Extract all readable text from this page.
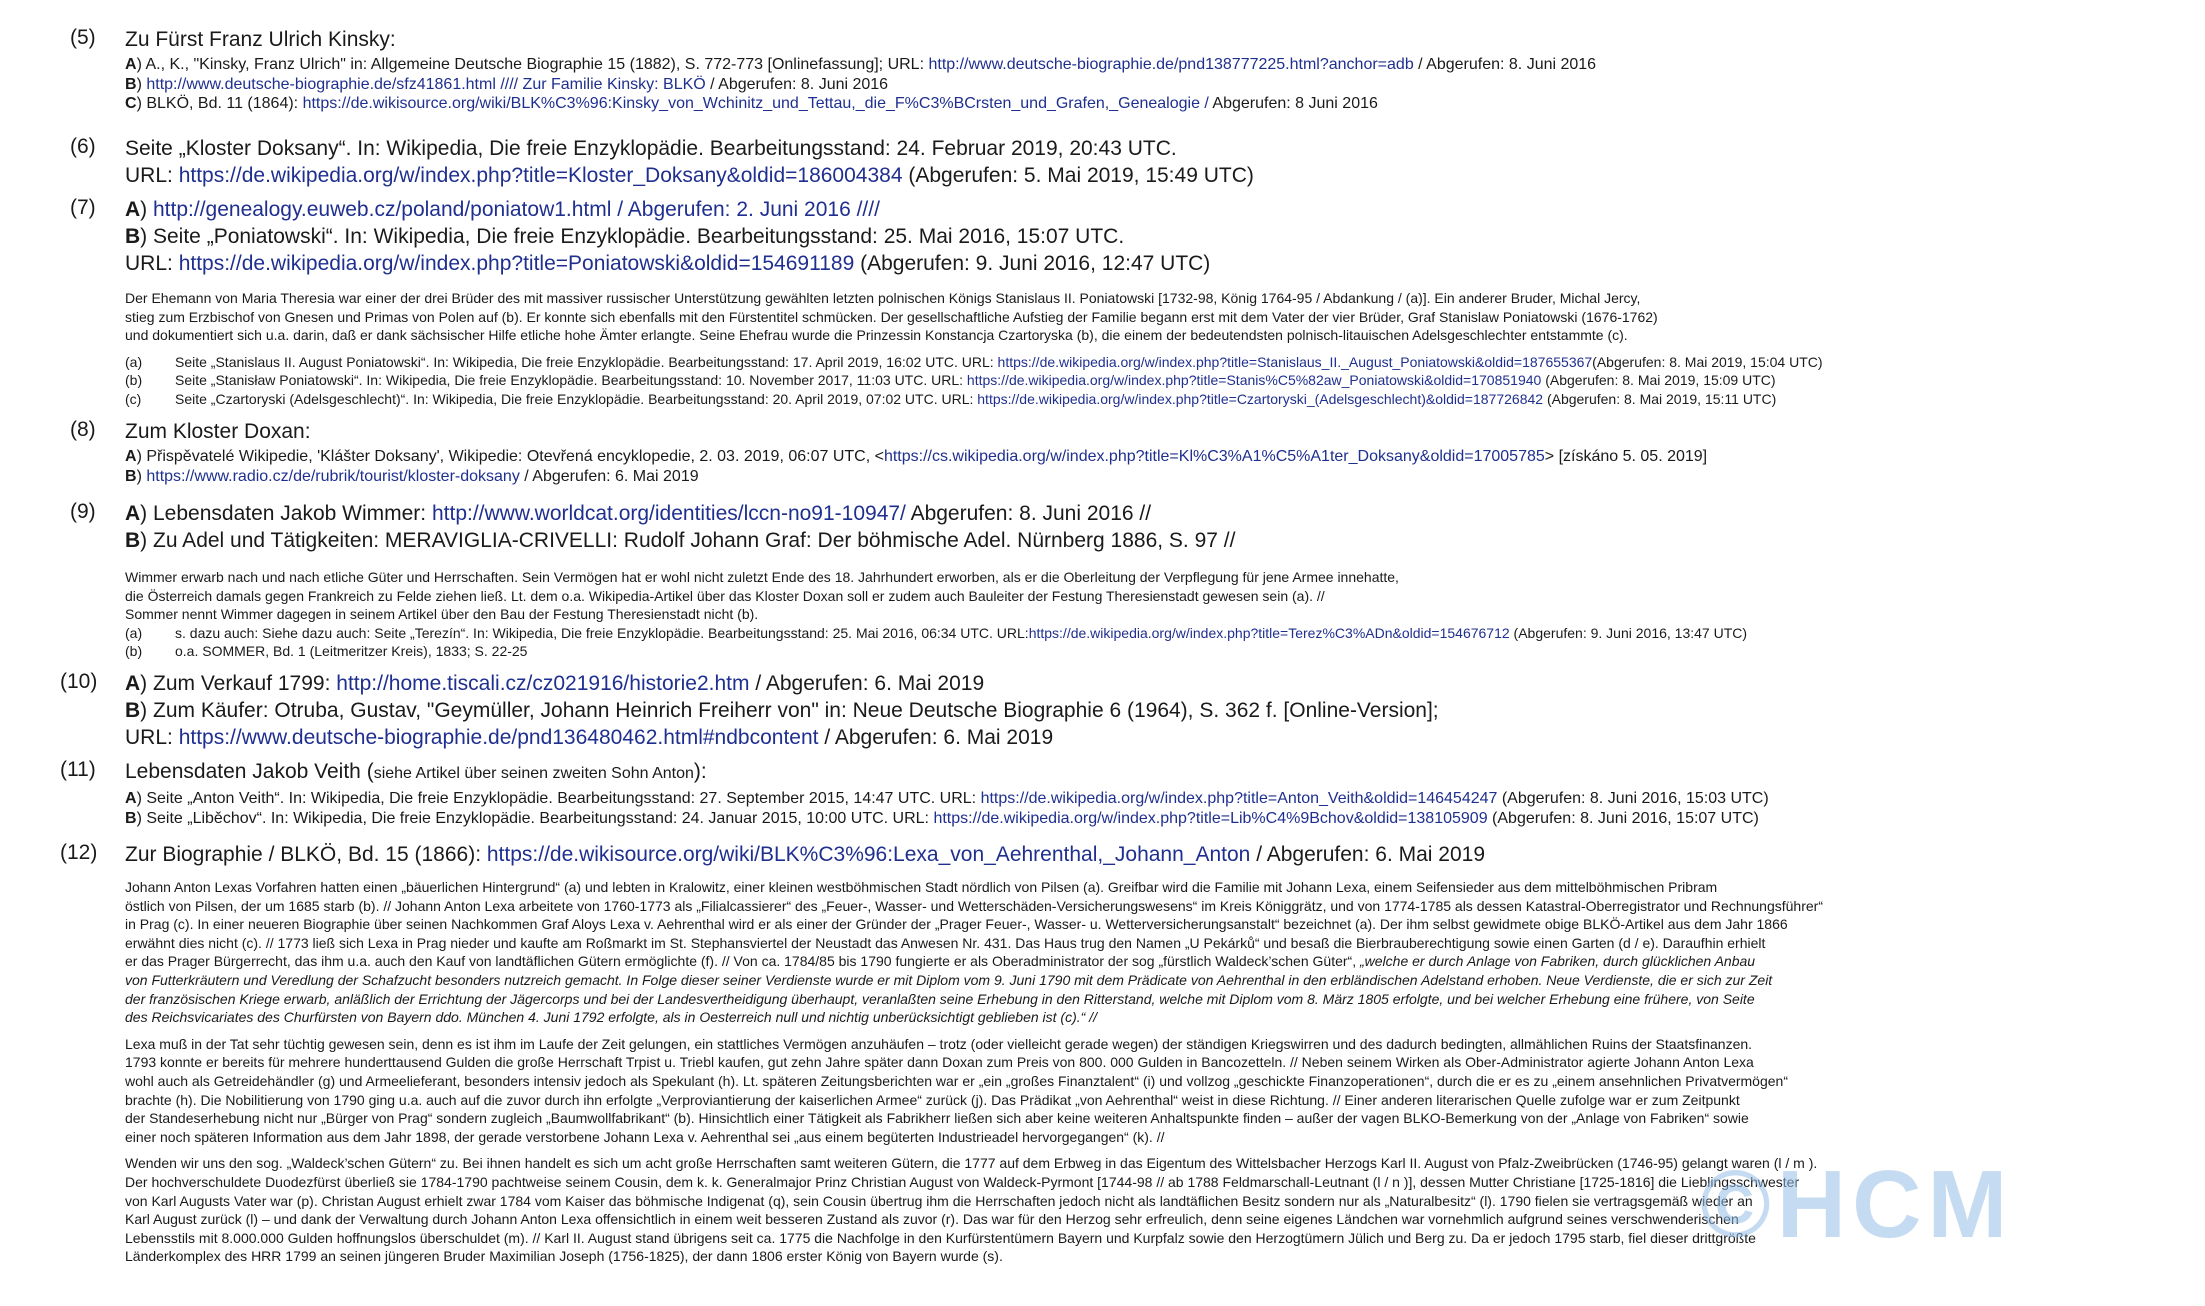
(5) Zu Fürst Franz Ulrich Kinsky:
A) A., K., "Kinsky, Franz Ulrich" in: Allgemeine Deutsche Biographie 15 (1882), S. 772-773 [Onlinefassung]; URL: http://www.deutsche-biographie.de/pnd138777225.html?anchor=adb / Abgerufen: 8. Juni 2016
B) http://www.deutsche-biographie.de/sfz41861.html //// Zur Familie Kinsky: BLKÖ / Abgerufen: 8. Juni 2016
C) BLKÖ, Bd. 11 (1864): https://de.wikisource.org/wiki/BLK%C3%96:Kinsky_von_Wchinitz_und_Tettau,_die_F%C3%BCrsten_und_Grafen,_Genealogie / Abgerufen: 8 Juni 2016
(6) Seite „Kloster Doksany“. In: Wikipedia, Die freie Enzyklopädie. Bearbeitungsstand: 24. Februar 2019, 20:43 UTC.
URL: https://de.wikipedia.org/w/index.php?title=Kloster_Doksany&oldid=186004384 (Abgerufen: 5. Mai 2019, 15:49 UTC)
(7) A) http://genealogy.euweb.cz/poland/poniatow1.html / Abgerufen: 2. Juni 2016 ////
B) Seite „Poniatowski“. In: Wikipedia, Die freie Enzyklopädie. Bearbeitungsstand: 25. Mai 2016, 15:07 UTC.
URL: https://de.wikipedia.org/w/index.php?title=Poniatowski&oldid=154691189 (Abgerufen: 9. Juni 2016, 12:47 UTC)
Der Ehemann von Maria Theresia war einer der drei Brüder des mit massiver russischer Unterstützung gewählten letzten polnischen Königs Stanislaus II. Poniatowski [1732-98, König 1764-95 / Abdankung / (a)]. Ein anderer Bruder, Michal Jercy,
stieg zum Erzbischof von Gnesen und Primas von Polen auf (b). Er konnte sich ebenfalls mit den Fürstentitel schmücken. Der gesellschaftliche Aufstieg der Familie begann erst mit dem Vater der vier Brüder, Graf Stanislaw Poniatowski (1676-1762)
und dokumentiert sich u.a. darin, daß er dank sächsischer Hilfe etliche hohe Ämter erlangte. Seine Ehefrau wurde die Prinzessin Konstancja Czartoryska (b), die einem der bedeutendsten polnisch-litauischen Adelsgeschlechter entstammte (c).
(a) Seite „Stanislaus II. August Poniatowski“. In: Wikipedia, Die freie Enzyklopädie. Bearbeitungsstand: 17. April 2019, 16:02 UTC. URL: https://de.wikipedia.org/w/index.php?title=Stanislaus_II._August_Poniatowski&oldid=187655367(Abgerufen: 8. Mai 2019, 15:04 UTC)
(b) Seite „Stanisław Poniatowski“. In: Wikipedia, Die freie Enzyklopädie. Bearbeitungsstand: 10. November 2017, 11:03 UTC. URL: https://de.wikipedia.org/w/index.php?title=Stanis%C5%82aw_Poniatowski&oldid=170851940 (Abgerufen: 8. Mai 2019, 15:09 UTC)
(c) Seite „Czartoryski (Adelsgeschlecht)“. In: Wikipedia, Die freie Enzyklopädie. Bearbeitungsstand: 20. April 2019, 07:02 UTC. URL: https://de.wikipedia.org/w/index.php?title=Czartoryski_(Adelsgeschlecht)&oldid=187726842 (Abgerufen: 8. Mai 2019, 15:11 UTC)
(8) Zum Kloster Doxan:
A) Přispěvatelé Wikipedie, 'Klášter Doksany', Wikipedie: Otevřená encyklopedie, 2. 03. 2019, 06:07 UTC, <https://cs.wikipedia.org/w/index.php?title=Kl%C3%A1%C5%A1ter_Doksany&oldid=17005785> [získáno 5. 05. 2019]
B) https://www.radio.cz/de/rubrik/tourist/kloster-doksany / Abgerufen: 6. Mai 2019
(9) A) Lebensdaten Jakob Wimmer: http://www.worldcat.org/identities/lccn-no91-10947/ Abgerufen: 8. Juni 2016 //
B) Zu Adel und Tätigkeiten: MERAVIGLIA-CRIVELLI: Rudolf Johann Graf: Der böhmische Adel. Nürnberg 1886, S. 97 //
Wimmer erwarb nach und nach etliche Güter und Herrschaften. Sein Vermögen hat er wohl nicht zuletzt Ende des 18. Jahrhundert erworben, als er die Oberleitung der Verpflegung für jene Armee innehatte,
die Österreich damals gegen Frankreich zu Felde ziehen ließ. Lt. dem o.a. Wikipedia-Artikel über das Kloster Doxan soll er zudem auch Bauleiter der Festung Theresienstadt gewesen sein (a). //
Sommer nennt Wimmer dagegen in seinem Artikel über den Bau der Festung Theresienstadt nicht (b).
(a) s. dazu auch: Siehe dazu auch: Seite „Terezín“. In: Wikipedia, Die freie Enzyklopädie. Bearbeitungsstand: 25. Mai 2016, 06:34 UTC. URL:https://de.wikipedia.org/w/index.php?title=Terez%C3%ADn&oldid=154676712 (Abgerufen: 9. Juni 2016, 13:47 UTC)
(b) o.a. SOMMER, Bd. 1 (Leitmeritzer Kreis), 1833; S. 22-25
(10) A) Zum Verkauf 1799: http://home.tiscali.cz/cz021916/historie2.htm / Abgerufen: 6. Mai 2019
B) Zum Käufer: Otruba, Gustav, "Geymüller, Johann Heinrich Freiherr von" in: Neue Deutsche Biographie 6 (1964), S. 362 f. [Online-Version];
URL: https://www.deutsche-biographie.de/pnd136480462.html#ndbcontent / Abgerufen: 6. Mai 2019
(11) Lebensdaten Jakob Veith (siehe Artikel über seinen zweiten Sohn Anton):
A) Seite „Anton Veith“. In: Wikipedia, Die freie Enzyklopädie. Bearbeitungsstand: 27. September 2015, 14:47 UTC. URL: https://de.wikipedia.org/w/index.php?title=Anton_Veith&oldid=146454247 (Abgerufen: 8. Juni 2016, 15:03 UTC)
B) Seite „Liběchov“. In: Wikipedia, Die freie Enzyklopädie. Bearbeitungsstand: 24. Januar 2015, 10:00 UTC. URL: https://de.wikipedia.org/w/index.php?title=Lib%C4%9Bchov&oldid=138105909 (Abgerufen: 8. Juni 2016, 15:07 UTC)
(12) Zur Biographie / BLKÖ, Bd. 15 (1866): https://de.wikisource.org/wiki/BLK%C3%96:Lexa_von_Aehrenthal,_Johann_Anton / Abgerufen: 6. Mai 2019
Johann Anton Lexas Vorfahren hatten einen „bäuerlichen Hintergrund“ (a) und lebten in Kralowitz, einer kleinen westböhmischen Stadt nördlich von Pilsen (a). Greifbar wird die Familie mit Johann Lexa, einem Seifensieder aus dem mittelböhmischen Pribram
östlich von Pilsen, der um 1685 starb (b). // Johann Anton Lexa arbeitete von 1760-1773 als „Filialcassierer“ des „Feuer-, Wasser- und Wetterschäden-Versicherungswesens“ im Kreis Königgrätz, und von 1774-1785 als dessen Katastral-Oberregistrator und Rechnungsführer“
in Prag (c). In einer neueren Biographie über seinen Nachkommen Graf Aloys Lexa v. Aehrenthal wird er als einer der Gründer der „Prager Feuer-, Wasser- u. Wetterversicherungsanstalt“ bezeichnet (a). Der ihm selbst gewidmete obige BLKÖ-Artikel aus dem Jahr 1866
erwähnt dies nicht (c). // 1773 ließ sich Lexa in Prag nieder und kaufte am Roßmarkt im St. Stephansviertel der Neustadt das Anwesen Nr. 431. Das Haus trug den Namen „U Pekárků“ und besaß die Bierbrauberechtigung sowie einen Garten (d / e). Daraufhin erhielt
er das Prager Bürgerrecht, das ihm u.a. auch den Kauf von landtäflichen Gütern ermöglichte (f). // Von ca. 1784/85 bis 1790 fungierte er als Oberadministrator der sog „fürstlich Waldeck’schen Güter“, „welche er durch Anlage von Fabriken, durch glücklichen Anbau
von Futterkräutern und Veredlung der Schafzucht besonders nutzreich gemacht. In Folge dieser seiner Verdienste wurde er mit Diplom vom 9. Juni 1790 mit dem Prädicate von Aehrenthal in den erbländischen Adelstand erhoben. Neue Verdienste, die er sich zur Zeit
der französischen Kriege erwarb, anläßlich der Errichtung der Jägercorps und bei der Landesvertheidigung überhaupt, veranlaßten seine Erhebung in den Ritterstand, welche mit Diplom vom 8. März 1805 erfolgte, und bei welcher Erhebung eine frühere, von Seite
des Reichsvicariates des Churfürsten von Bayern ddo. München 4. Juni 1792 erfolgte, als in Oesterreich null und nichtig unberücksichtigt geblieben ist (c).“ //
Lexa muß in der Tat sehr tüchtig gewesen sein, denn es ist ihm im Laufe der Zeit gelungen, ein stattliches Vermögen anzuhäufen – trotz (oder vielleicht gerade wegen) der ständigen Kriegswirren und des dadurch bedingten, allmählichen Ruins der Staatsfinanzen.
1793 konnte er bereits für mehrere hunderttausend Gulden die große Herrschaft Trpist u. Triebl kaufen, gut zehn Jahre später dann Doxan zum Preis von 800. 000 Gulden in Bancozetteln. // Neben seinem Wirken als Ober-Administrator agierte Johann Anton Lexa
wohl auch als Getreidehändler (g) und Armeelieferant, besonders intensiv jedoch als Spekulant (h). Lt. späteren Zeitungsberichten war er „ein „großes Finanztalent“ (i) und vollzog „geschickte Finanzoperationen“, durch die er es zu „einem ansehnlichen Privatvermögen“
brachte (h). Die Nobilitierung von 1790 ging u.a. auch auf die zuvor durch ihn erfolgte „Verproviantierung der kaiserlichen Armee“ zurück (j). Das Prädikat „von Aehrenthal“ weist in diese Richtung. // Einer anderen literarischen Quelle zufolge war er zum Zeitpunkt
der Standeserhebung nicht nur „Bürger von Prag“ sondern zugleich „Baumwollfabrikant“ (b). Hinsichtlich einer Tätigkeit als Fabrikherr ließen sich aber keine weiteren Anhaltspunkte finden – außer der vagen BLKO-Bemerkung von der „Anlage von Fabriken“ sowie
einer noch späteren Information aus dem Jahr 1898, der gerade verstorbene Johann Lexa v. Aehrenthal sei „aus einem begüterten Industriеadel hervorgegangen“ (k). //
Wenden wir uns den sog. „Waldeck’schen Gütern“ zu. Bei ihnen handelt es sich um acht große Herrschaften samt weiteren Gütern, die 1777 auf dem Erbweg in das Eigentum des Wittelsbacher Herzogs Karl II. August von Pfalz-Zweibrücken (1746-95) gelangt waren (l / m ).
Der hochverschuldete Duodezfürst überließ sie 1784-1790 pachtweise seinem Cousin, dem k. k. Generalmajor Prinz Christian August von Waldeck-Pyrmont [1744-98 // ab 1788 Feldmarschall-Leutnant (l / n )], dessen Mutter Christiane [1725-1816] die Lieblingsschwester
von Karl Augusts Vater war (p). Christan August erhielt zwar 1784 vom Kaiser das böhmische Indigenat (q), sein Cousin übertrug ihm die Herrschaften jedoch nicht als landtäflichen Besitz sondern nur als „Naturalbesitz“ (l). 1790 fielen sie vertragsgemäß wieder an
Karl August zurück (l) – und dank der Verwaltung durch Johann Anton Lexa offensichtlich in einem weit besseren Zustand als zuvor (r). Das war für den Herzog sehr erfreulich, denn seine eigenes Ländchen war vornehmlich aufgrund seines verschwenderischen
Lebensstils mit 8.000.000 Gulden hoffnungslos überschuldet (m). // Karl II. August stand übrigens seit ca. 1775 die Nachfolge in den Kurfürstentümern Bayern und Kurpfalz sowie den Herzogtümern Jülich und Berg zu. Da er jedoch 1795 starb, fiel dieser drittgrößte
Länderkomplex des HRR 1799 an seinen jüngeren Bruder Maximilian Joseph (1756-1825), der dann 1806 erster König von Bayern wurde (s).	©HCM
